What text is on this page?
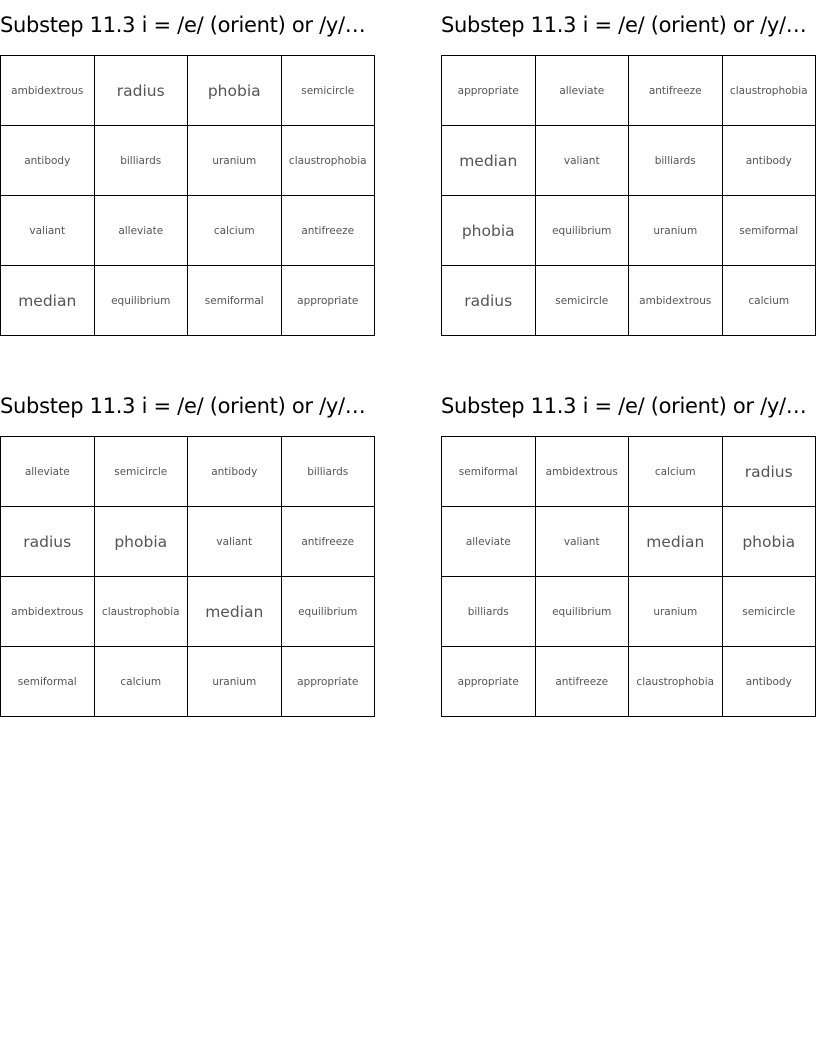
Substep 11.3 i = /e/ (orient) or /y/…
ambidextrous	radius	phobia	semicircle
antibody	billiards	uranium	claustrophobia
valiant	alleviate	calcium	antifreeze
median	equilibrium	semiformal	appropriate
Substep 11.3 i = /e/ (orient) or /y/…
appropriate	alleviate	antifreeze	claustrophobia
median	valiant	billiards	antibody
phobia	equilibrium	uranium	semiformal
radius	semicircle	ambidextrous	calcium
Substep 11.3 i = /e/ (orient) or /y/…
alleviate	semicircle	antibody	billiards
radius	phobia	valiant	antifreeze
ambidextrous	claustrophobia	median	equilibrium
semiformal	calcium	uranium	appropriate
Substep 11.3 i = /e/ (orient) or /y/…
semiformal	ambidextrous	calcium	radius
alleviate	valiant	median	phobia
billiards	equilibrium	uranium	semicircle
appropriate	antifreeze	claustrophobia	antibody
